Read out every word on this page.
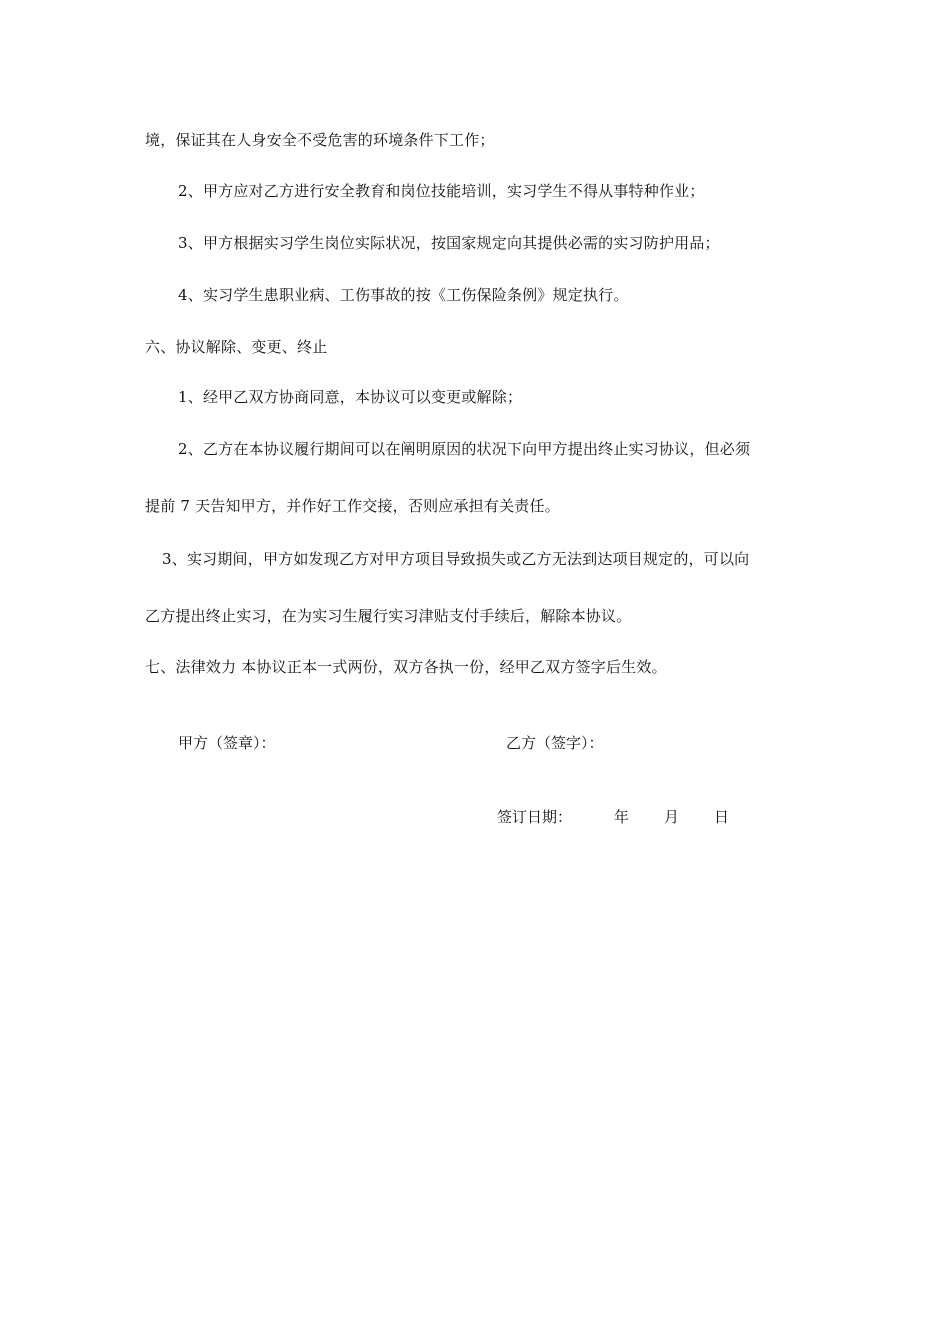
境，保证其在人身安全不受危害的环境条件下工作；
2、甲方应对乙方进行安全教育和岗位技能培训，实习学生不得从事特种作业；
3、甲方根据实习学生岗位实际状况，按国家规定向其提供必需的实习防护用品；
4、实习学生患职业病、工伤事故的按《工伤保险条例》规定执行。
六、协议解除、变更、终止
1、经甲乙双方协商同意，本协议可以变更或解除；
2、乙方在本协议履行期间可以在阐明原因的状况下向甲方提出终止实习协议，但必须
提前 7 天告知甲方，并作好工作交接，否则应承担有关责任。
3、实习期间，甲方如发现乙方对甲方项目导致损失或乙方无法到达项目规定的，可以向
乙方提出终止实习，在为实习生履行实习津贴支付手续后，解除本协议。
七、法律效力 本协议正本一式两份，双方各执一份，经甲乙双方签字后生效。
甲方（签章）：	乙方（签字）：
签订日期：	年 月 日
